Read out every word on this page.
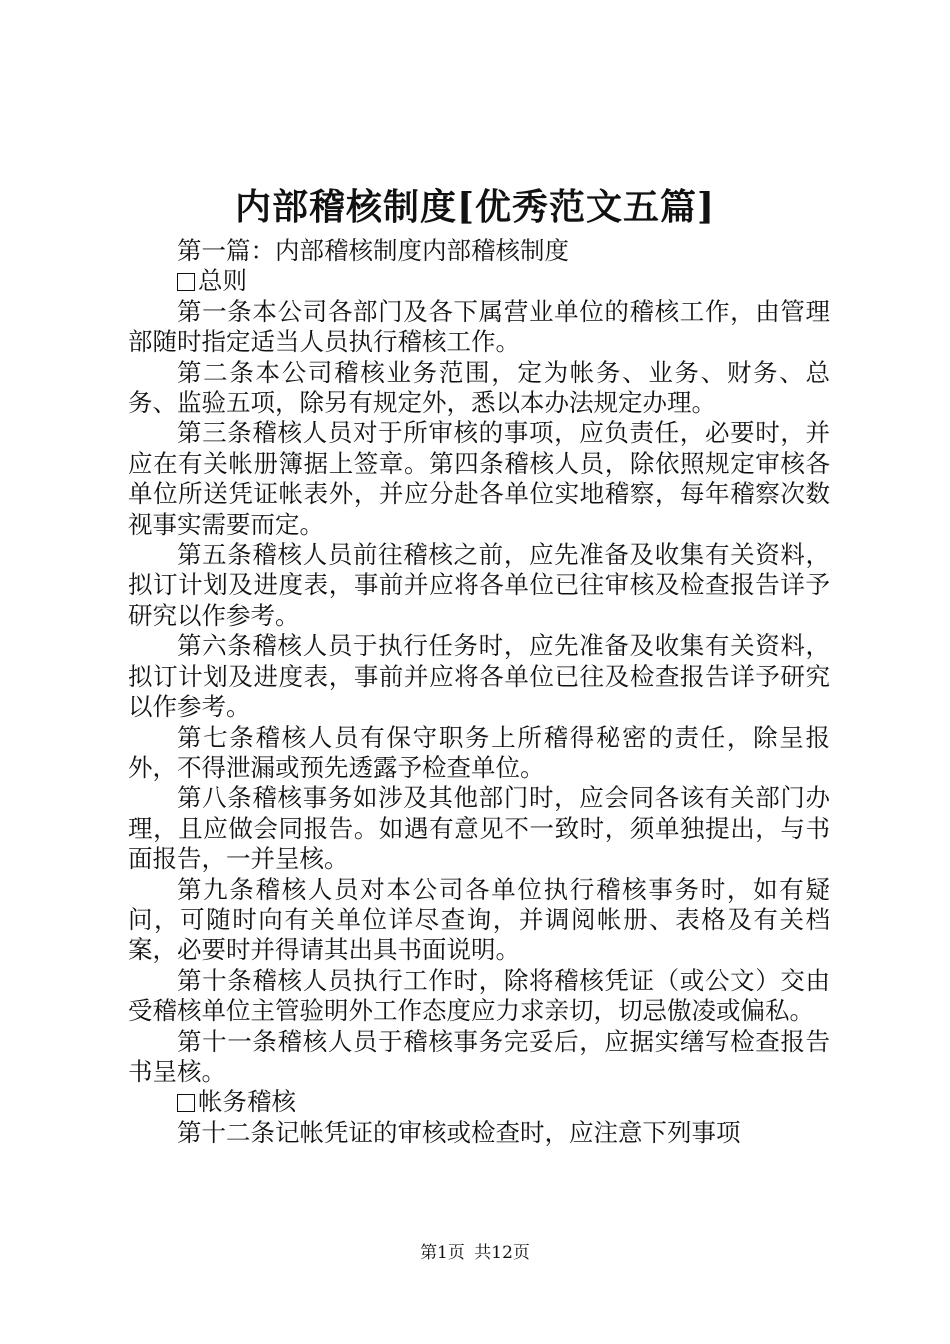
内部稽核制度[优秀范文五篇]

第一篇：内部稽核制度内部稽核制度

总则

第一条本公司各部门及各下属营业单位的稽核工作，由管理部随时指定适当人员执行稽核工作。

第二条本公司稽核业务范围，定为帐务、业务、财务、总务、监验五项，除另有规定外，悉以本办法规定办理。

第三条稽核人员对于所审核的事项，应负责任，必要时，并应在有关帐册簿据上签章。第四条稽核人员，除依照规定审核各单位所送凭证帐表外，并应分赴各单位实地稽察，每年稽察次数视事实需要而定。

第五条稽核人员前往稽核之前，应先准备及收集有关资料，拟订计划及进度表，事前并应将各单位已往审核及检查报告详予研究以作参考。

第六条稽核人员于执行任务时，应先准备及收集有关资料，拟订计划及进度表，事前并应将各单位已往及检查报告详予研究以作参考。

第七条稽核人员有保守职务上所稽得秘密的责任，除呈报外，不得泄漏或预先透露予检查单位。

第八条稽核事务如涉及其他部门时，应会同各该有关部门办理，且应做会同报告。如遇有意见不一致时，须单独提出，与书面报告，一并呈核。

第九条稽核人员对本公司各单位执行稽核事务时，如有疑问，可随时向有关单位详尽查询，并调阅帐册、表格及有关档案，必要时并得请其出具书面说明。

第十条稽核人员执行工作时，除将稽核凭证（或公文）交由受稽核单位主管验明外工作态度应力求亲切，切忌傲凌或偏私。

第十一条稽核人员于稽核事务完妥后，应据实缮写检查报告书呈核。

帐务稽核

第十二条记帐凭证的审核或检查时，应注意下列事项

第1页 共12页
